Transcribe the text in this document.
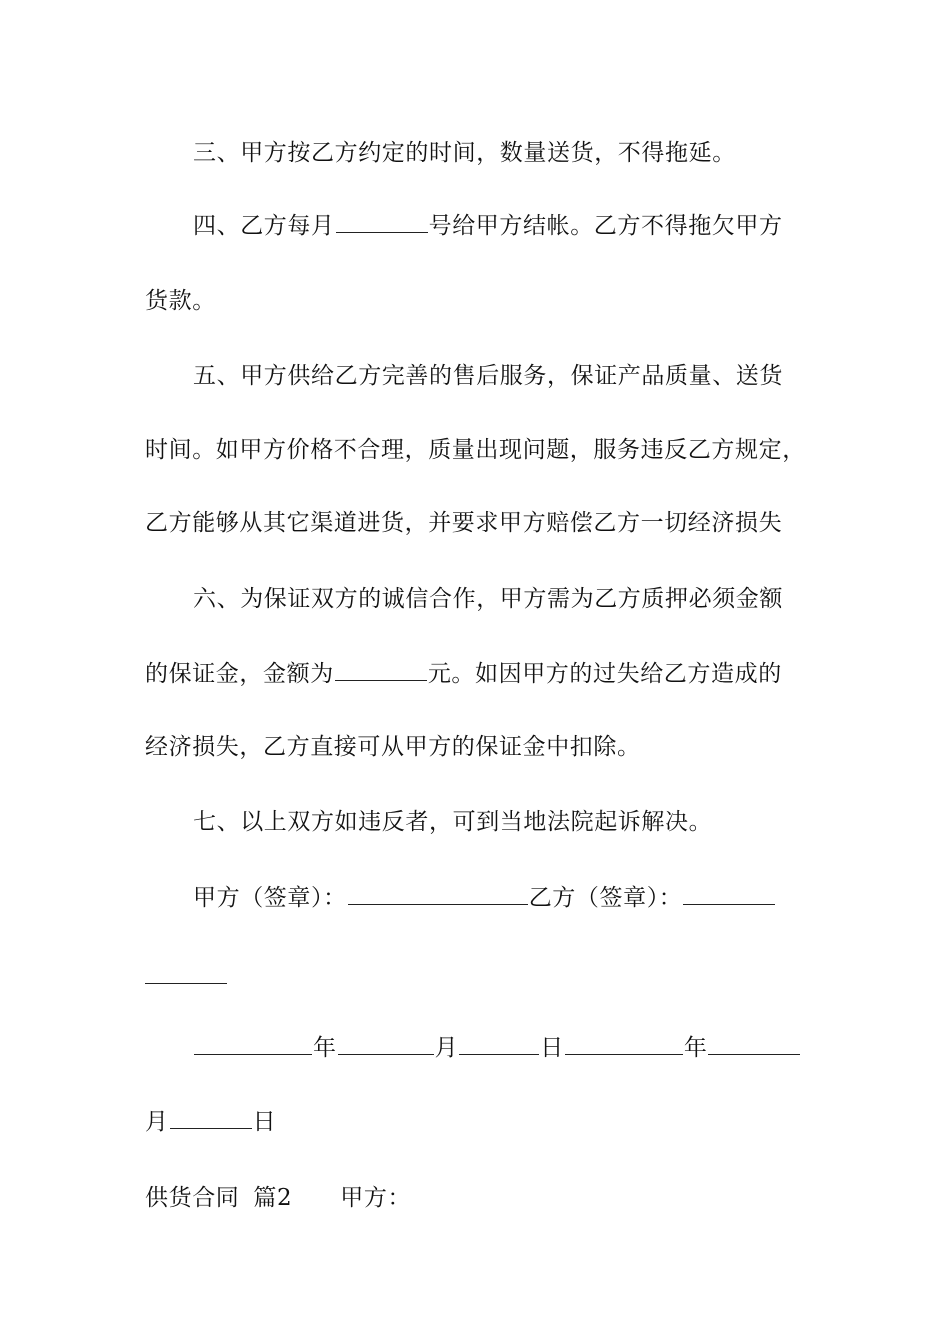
三、甲方按乙方约定的时间，数量送货，不得拖延。
四、乙方每月	号给甲方结帐。乙方不得拖欠甲方
货款。
五、甲方供给乙方完善的售后服务，保证产品质量、送货
时间。如甲方价格不合理，质量出现问题，服务违反乙方规定，
乙方能够从其它渠道进货，并要求甲方赔偿乙方一切经济损失
六、为保证双方的诚信合作，甲方需为乙方质押必须金额
的保证金，金额为	元。如因甲方的过失给乙方造成的
经济损失，乙方直接可从甲方的保证金中扣除。
七、以上双方如违反者，可到当地法院起诉解决。
甲方（签章）：	乙方（签章）：
年	月	日	年
月	日
供货合同 篇2 甲方：
